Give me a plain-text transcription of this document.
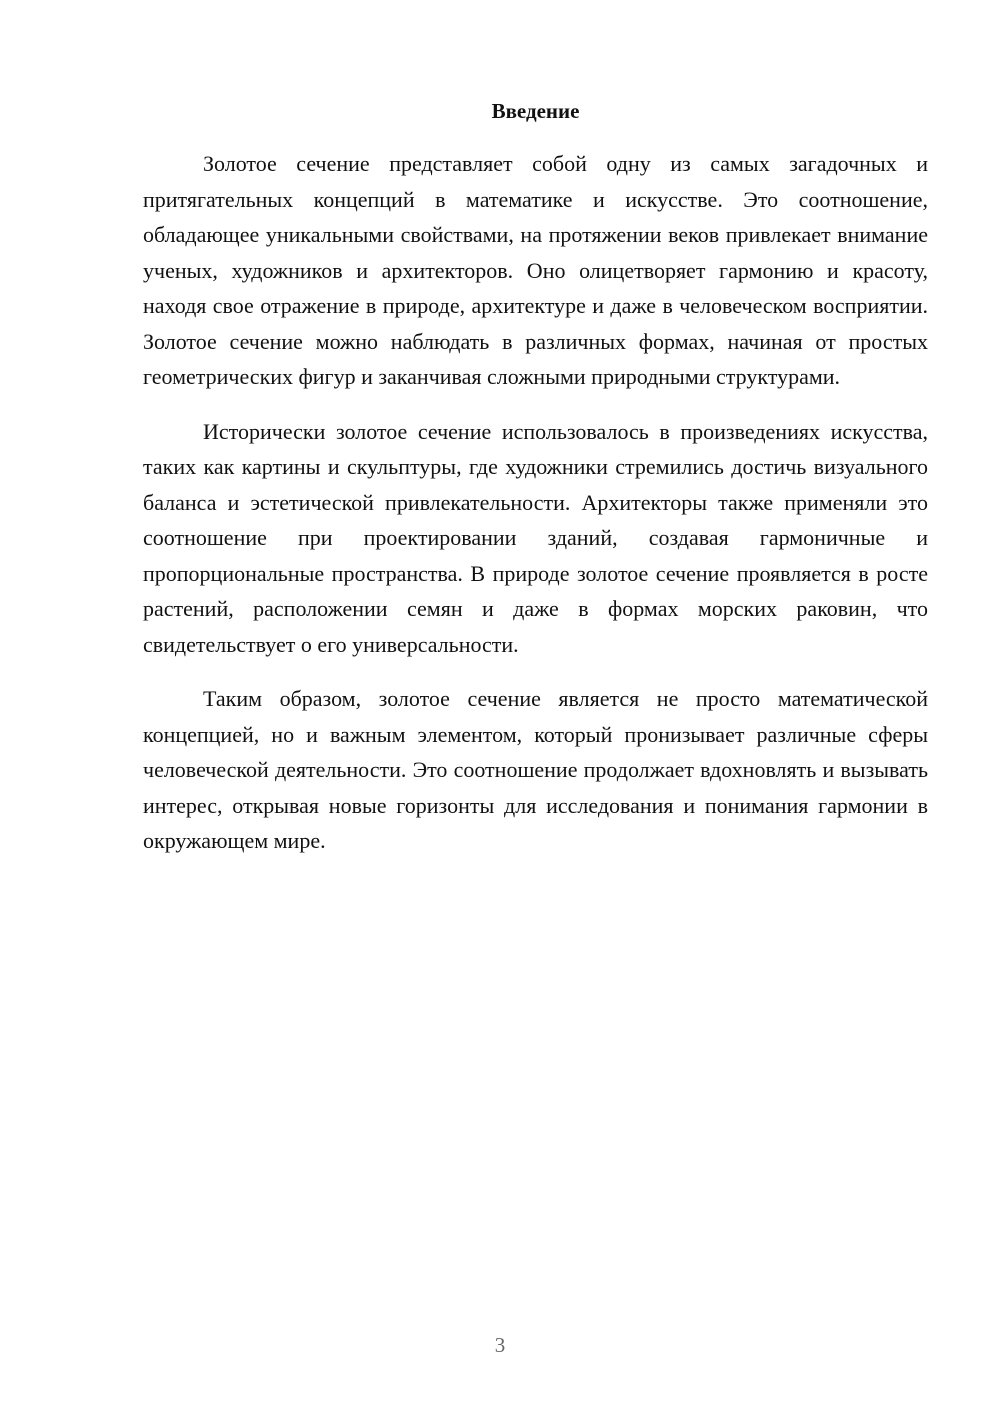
Введение

Золотое сечение представляет собой одну из самых загадочных и притягательных концепций в математике и искусстве. Это соотношение, обладающее уникальными свойствами, на протяжении веков привлекает внимание ученых, художников и архитекторов. Оно олицетворяет гармонию и красоту, находя свое отражение в природе, архитектуре и даже в человеческом восприятии. Золотое сечение можно наблюдать в различных формах, начиная от простых геометрических фигур и заканчивая сложными природными структурами.

Исторически золотое сечение использовалось в произведениях искусства, таких как картины и скульптуры, где художники стремились достичь визуального баланса и эстетической привлекательности. Архитекторы также применяли это соотношение при проектировании зданий, создавая гармоничные и пропорциональные пространства. В природе золотое сечение проявляется в росте растений, расположении семян и даже в формах морских раковин, что свидетельствует о его универсальности.

Таким образом, золотое сечение является не просто математической концепцией, но и важным элементом, который пронизывает различные сферы человеческой деятельности. Это соотношение продолжает вдохновлять и вызывать интерес, открывая новые горизонты для исследования и понимания гармонии в окружающем мире.

3
